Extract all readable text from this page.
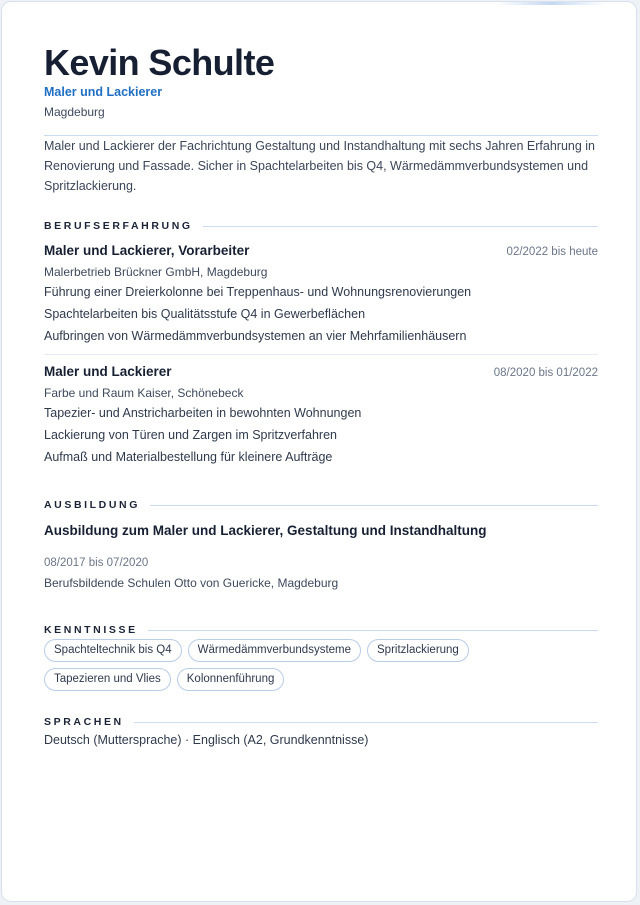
Kevin Schulte
Maler und Lackierer
Magdeburg
Maler und Lackierer der Fachrichtung Gestaltung und Instandhaltung mit sechs Jahren Erfahrung in Renovierung und Fassade. Sicher in Spachtelarbeiten bis Q4, Wärmedämmverbundsystemen und Spritzlackierung.
BERUFSERFAHRUNG
Maler und Lackierer, Vorarbeiter	02/2022 bis heute
Malerbetrieb Brückner GmbH, Magdeburg
Führung einer Dreierkolonne bei Treppenhaus- und Wohnungsrenovierungen
Spachtelarbeiten bis Qualitätsstufe Q4 in Gewerbeflächen
Aufbringen von Wärmedämmverbundsystemen an vier Mehrfamilienhäusern
Maler und Lackierer	08/2020 bis 01/2022
Farbe und Raum Kaiser, Schönebeck
Tapezier- und Anstricharbeiten in bewohnten Wohnungen
Lackierung von Türen und Zargen im Spritzverfahren
Aufmaß und Materialbestellung für kleinere Aufträge
AUSBILDUNG
Ausbildung zum Maler und Lackierer, Gestaltung und Instandhaltung
08/2017 bis 07/2020
Berufsbildende Schulen Otto von Guericke, Magdeburg
KENNTNISSE
Spachteltechnik bis Q4	Wärmedämmverbundsysteme	Spritzlackierung
Tapezieren und Vlies	Kolonnenführung
SPRACHEN
Deutsch (Muttersprache) · Englisch (A2, Grundkenntnisse)
